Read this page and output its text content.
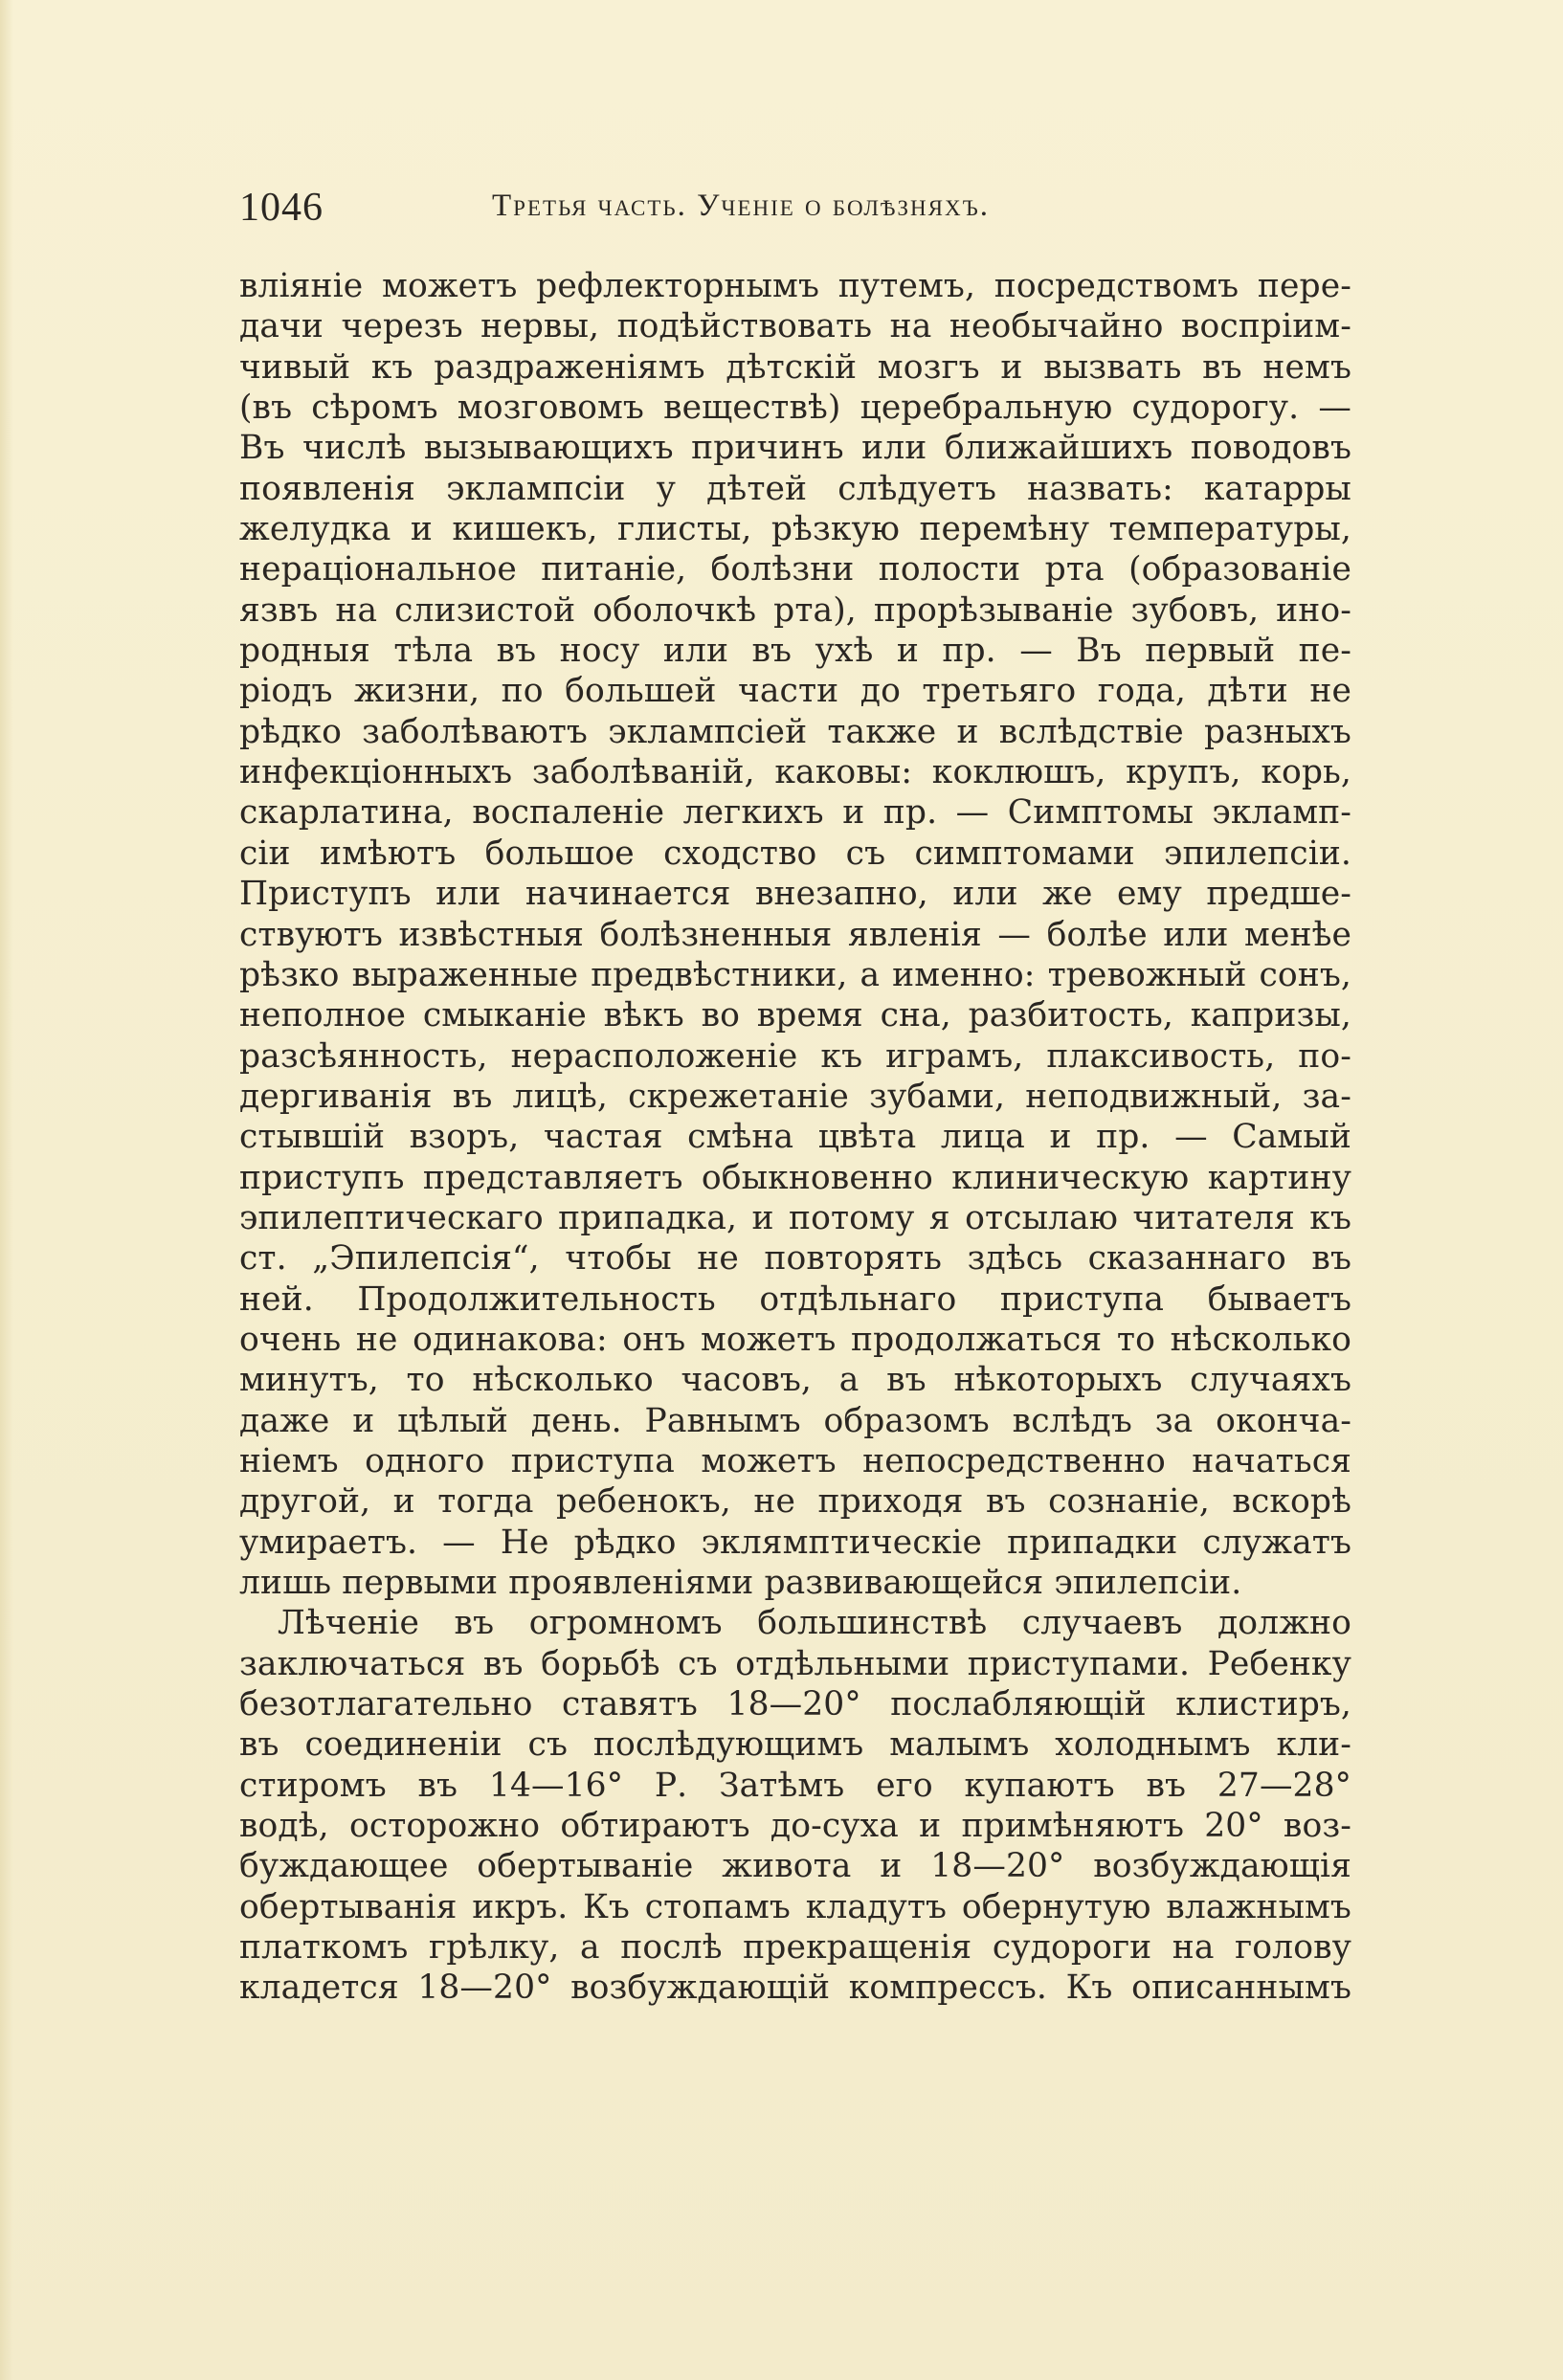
1046	Третья часть. Ученіе о болѣзняхъ.
вліяніе можетъ рефлекторнымъ путемъ, посредствомъ пере-
дачи черезъ нервы, подѣйствовать на необычайно воспріим-
чивый къ раздраженіямъ дѣтскій мозгъ и вызвать въ немъ
(въ сѣромъ мозговомъ веществѣ) церебральную судорогу. —
Въ числѣ вызывающихъ причинъ или ближайшихъ поводовъ
появленія эклампсіи у дѣтей слѣдуетъ назвать: катарры
желудка и кишекъ, глисты, рѣзкую перемѣну температуры,
нераціональное питаніе, болѣзни полости рта (образованіе
язвъ на слизистой оболочкѣ рта), прорѣзываніе зубовъ, ино-
родныя тѣла въ носу или въ ухѣ и пр. — Въ первый пе-
ріодъ жизни, по большей части до третьяго года, дѣти не
рѣдко заболѣваютъ эклампсіей также и вслѣдствіе разныхъ
инфекціонныхъ заболѣваній, каковы: коклюшъ, крупъ, корь,
скарлатина, воспаленіе легкихъ и пр. — Симптомы экламп-
сіи имѣютъ большое сходство съ симптомами эпилепсіи.
Приступъ или начинается внезапно, или же ему предше-
ствуютъ извѣстныя болѣзненныя явленія — болѣе или менѣе
рѣзко выраженные предвѣстники, а именно: тревожный сонъ,
неполное смыканіе вѣкъ во время сна, разбитость, капризы,
разсѣянность, нерасположеніе къ играмъ, плаксивость, по-
дергиванія въ лицѣ, скрежетаніе зубами, неподвижный, за-
стывшій взоръ, частая смѣна цвѣта лица и пр. — Самый
приступъ представляетъ обыкновенно клиническую картину
эпилептическаго припадка, и потому я отсылаю читателя къ
ст. „Эпилепсія“, чтобы не повторять здѣсь сказаннаго въ
ней. Продолжительность отдѣльнаго приступа бываетъ
очень не одинакова: онъ можетъ продолжаться то нѣсколько
минутъ, то нѣсколько часовъ, а въ нѣкоторыхъ случаяхъ
даже и цѣлый день. Равнымъ образомъ вслѣдъ за оконча-
ніемъ одного приступа можетъ непосредственно начаться
другой, и тогда ребенокъ, не приходя въ сознаніе, вскорѣ
умираетъ. — Не рѣдко эклямптическіе припадки служатъ
лишь первыми проявленіями развивающейся эпилепсіи.
Лѣченіе въ огромномъ большинствѣ случаевъ должно
заключаться въ борьбѣ съ отдѣльными приступами. Ребенку
безотлагательно ставятъ 18—20° послабляющій клистиръ,
въ соединеніи съ послѣдующимъ малымъ холоднымъ кли-
стиромъ въ 14—16° Р. Затѣмъ его купаютъ въ 27—28°
водѣ, осторожно обтираютъ до-суха и примѣняютъ 20° воз-
буждающее обертываніе живота и 18—20° возбуждающія
обертыванія икръ. Къ стопамъ кладутъ обернутую влажнымъ
платкомъ грѣлку, а послѣ прекращенія судороги на голову
кладется 18—20° возбуждающій компрессъ. Къ описаннымъ
